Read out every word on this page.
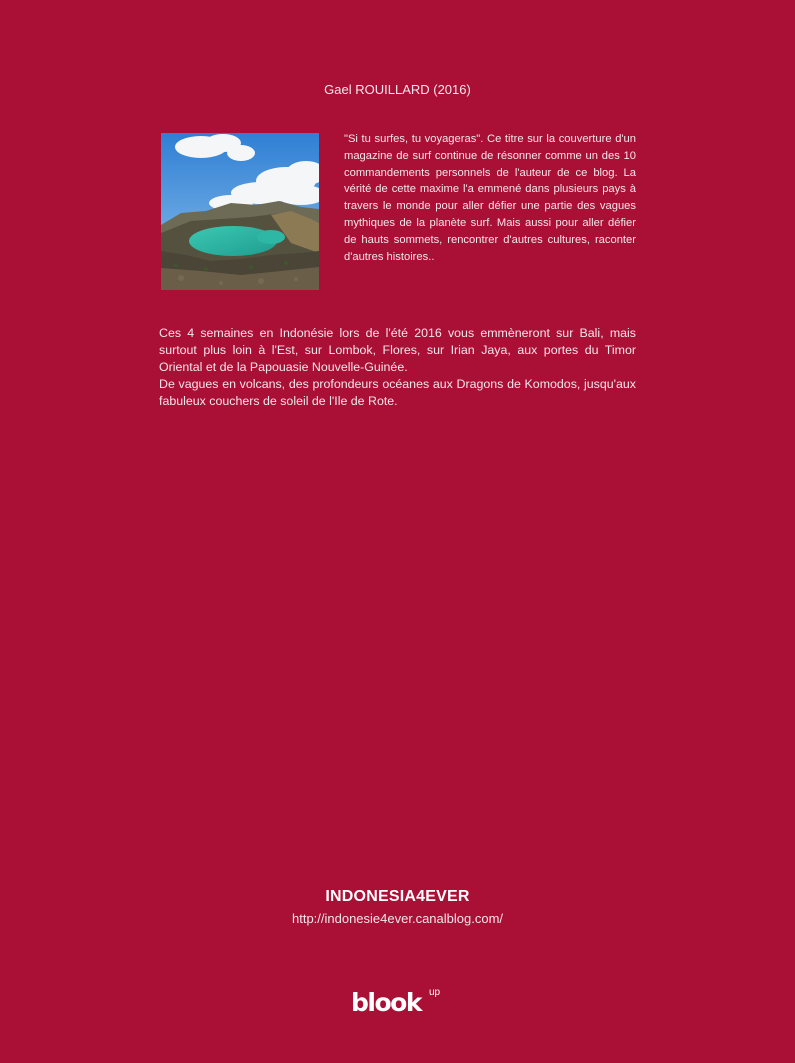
Gael ROUILLARD (2016)
"Si tu surfes, tu voyageras". Ce titre sur la couverture d'un magazine de surf continue de résonner comme un des 10 commandements personnels de l'auteur de ce blog. La vérité de cette maxime l'a emmené dans plusieurs pays à travers le monde pour aller défier une partie des vagues mythiques de la planète surf. Mais aussi pour aller défier de hauts sommets, rencontrer d'autres cultures, raconter d'autres histoires..

Ces 4 semaines en Indonésie lors de l'été 2016 vous emmèneront sur Bali, mais surtout plus loin à l'Est, sur Lombok, Flores, sur Irian Jaya, aux portes du Timor Oriental et de la Papouasie Nouvelle-Guinée.

De vagues en volcans, des profondeurs océanes aux Dragons de Komodos, jusqu'aux fabuleux couchers de soleil de l'Ile de Rote.

INDONESIA4EVER
http://indonesie4ever.canalblog.com/
blook up
